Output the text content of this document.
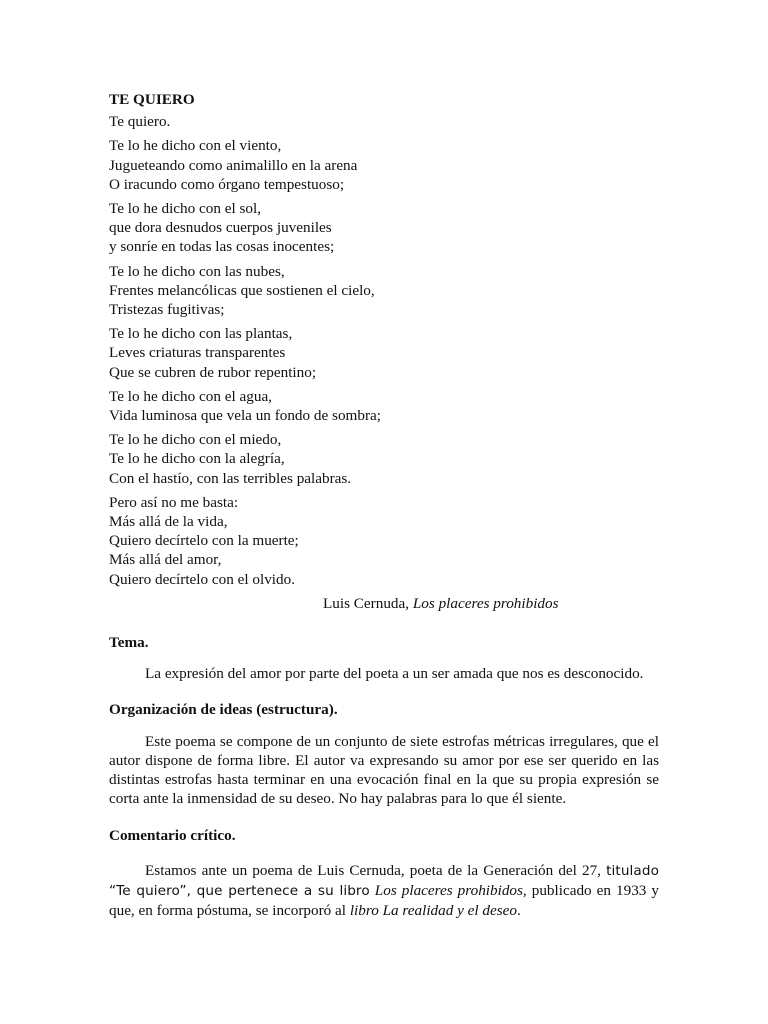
TE QUIERO
Te quiero.
Te lo he dicho con el viento,
Jugueteando como animalillo en la arena
O iracundo como órgano tempestuoso;
Te lo he dicho con el sol,
que dora desnudos cuerpos juveniles
y sonríe en todas las cosas inocentes;
Te lo he dicho con las nubes,
Frentes melancólicas que sostienen el cielo,
Tristezas fugitivas;
Te lo he dicho con las plantas,
Leves criaturas transparentes
Que se cubren de rubor repentino;
Te lo he dicho con el agua,
Vida luminosa que vela un fondo de sombra;
Te lo he dicho con el miedo,
Te lo he dicho con la alegría,
Con el hastío, con las terribles palabras.
Pero así no me basta:
Más allá de la vida,
Quiero decírtelo con la muerte;
Más allá del amor,
Quiero decírtelo con el olvido.
Luis Cernuda, Los placeres prohibidos
Tema.

La expresión del amor por parte del poeta a un ser amada que nos es desconocido.

Organización de ideas (estructura).

Este poema se compone de un conjunto de siete estrofas métricas irregulares, que el autor dispone de forma libre. El autor va expresando su amor por ese ser querido en las distintas estrofas hasta terminar en una evocación final en la que su propia expresión se corta ante la inmensidad de su deseo. No hay palabras para lo que él siente.

Comentario crítico.

Estamos ante un poema de Luis Cernuda, poeta de la Generación del 27, titulado “Te quiero”, que pertenece a su libro Los placeres prohibidos, publicado en 1933 y que, en forma póstuma, se incorporó al libro La realidad y el deseo.
